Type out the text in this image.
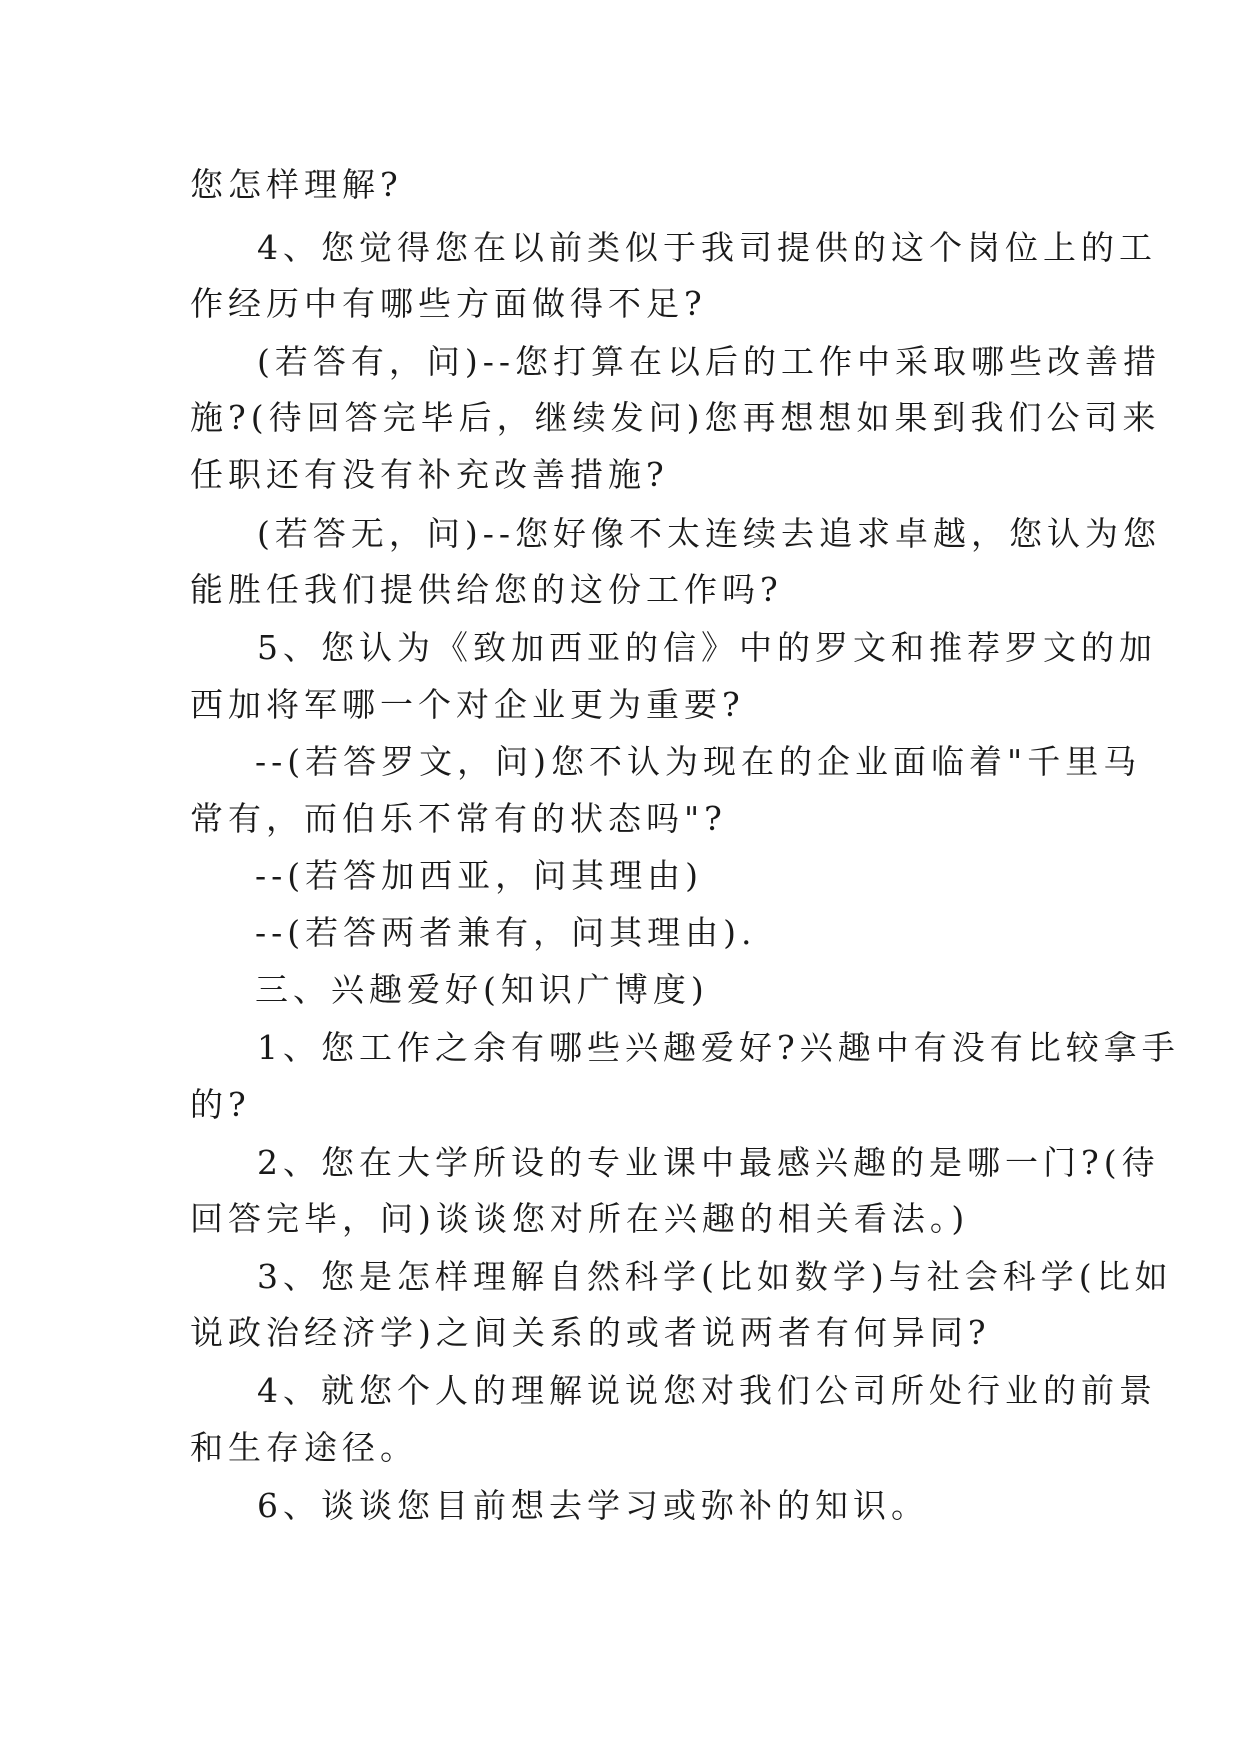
您怎样理解?
4、您觉得您在以前类似于我司提供的这个岗位上的工
作经历中有哪些方面做得不足?
(若答有，问)--您打算在以后的工作中采取哪些改善措
施?(待回答完毕后，继续发问)您再想想如果到我们公司来
任职还有没有补充改善措施?
(若答无，问)--您好像不太连续去追求卓越，您认为您
能胜任我们提供给您的这份工作吗?
5、您认为《致加西亚的信》中的罗文和推荐罗文的加
西加将军哪一个对企业更为重要?
--(若答罗文，问)您不认为现在的企业面临着"千里马
常有，而伯乐不常有的状态吗"?
--(若答加西亚，问其理由)
--(若答两者兼有，问其理由).
三、兴趣爱好(知识广博度)
1、您工作之余有哪些兴趣爱好?兴趣中有没有比较拿手
的?
2、您在大学所设的专业课中最感兴趣的是哪一门?(待
回答完毕，问)谈谈您对所在兴趣的相关看法。)
3、您是怎样理解自然科学(比如数学)与社会科学(比如
说政治经济学)之间关系的或者说两者有何异同?
4、就您个人的理解说说您对我们公司所处行业的前景
和生存途径。
6、谈谈您目前想去学习或弥补的知识。
